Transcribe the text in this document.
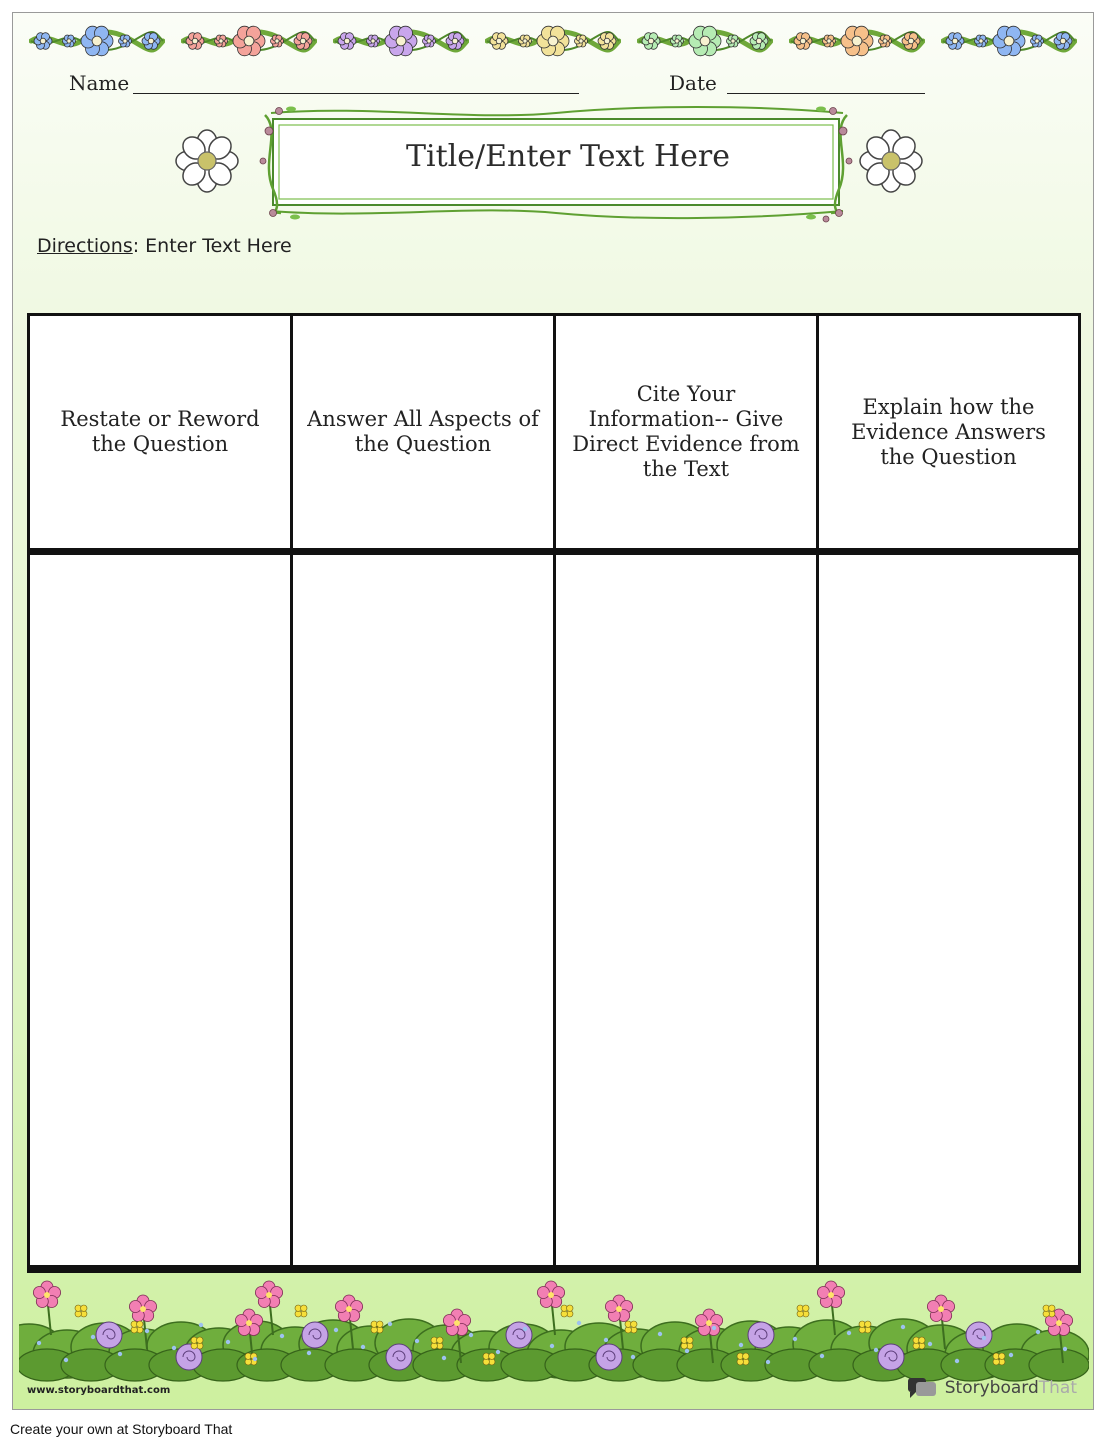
Name	Date
Title/Enter Text Here
Directions: Enter Text Here
Restate or Reword the Question
Answer All Aspects of the Question
Cite Your Information-- Give Direct Evidence from the Text
Explain how the Evidence Answers the Question
www.storyboardthat.com	Storyboard That
Create your own at Storyboard That
